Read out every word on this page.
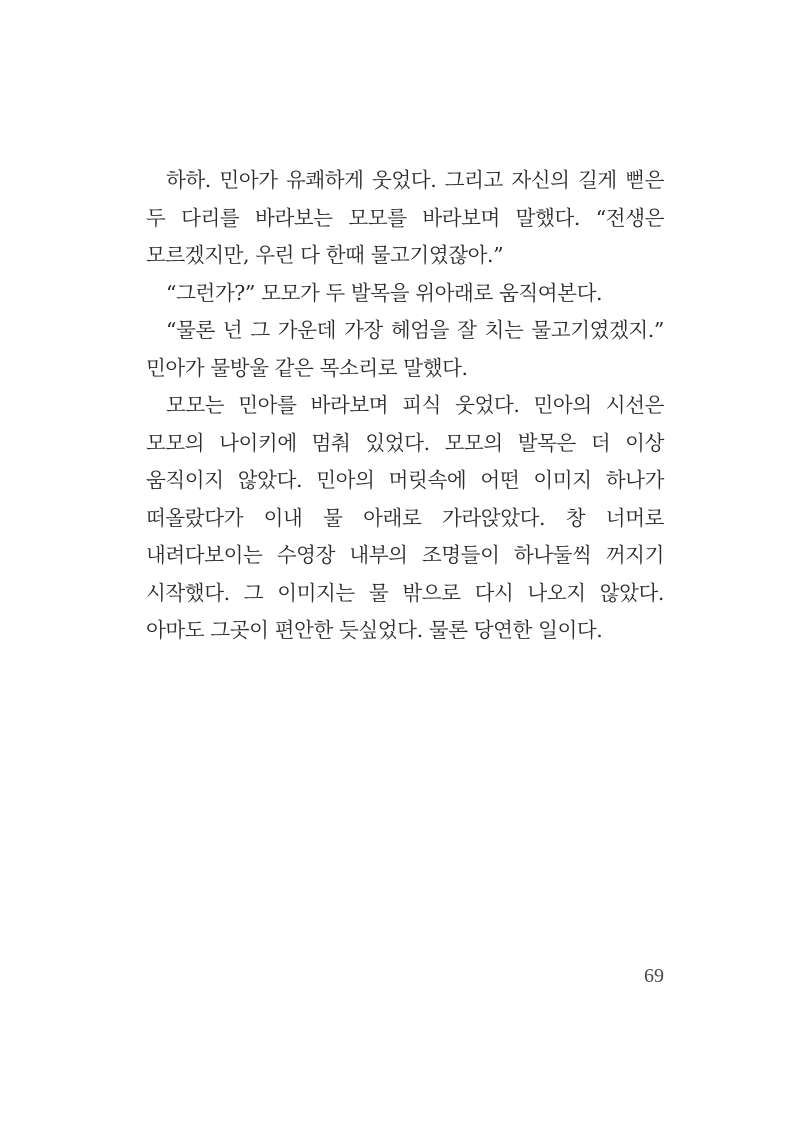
하하. 민아가 유쾌하게 웃었다. 그리고 자신의 길게 뻗은 두 다리를 바라보는 모모를 바라보며 말했다. “전생은 모르겠지만, 우린 다 한때 물고기였잖아.”

“그런가?” 모모가 두 발목을 위아래로 움직여본다.

“물론 넌 그 가운데 가장 헤엄을 잘 치는 물고기였겠지.” 민아가 물방울 같은 목소리로 말했다.

모모는 민아를 바라보며 피식 웃었다. 민아의 시선은 모모의 나이키에 멈춰 있었다. 모모의 발목은 더 이상 움직이지 않았다. 민아의 머릿속에 어떤 이미지 하나가 떠올랐다가 이내 물 아래로 가라앉았다. 창 너머로 내려다보이는 수영장 내부의 조명들이 하나둘씩 꺼지기 시작했다. 그 이미지는 물 밖으로 다시 나오지 않았다. 아마도 그곳이 편안한 듯싶었다. 물론 당연한 일이다.

69
